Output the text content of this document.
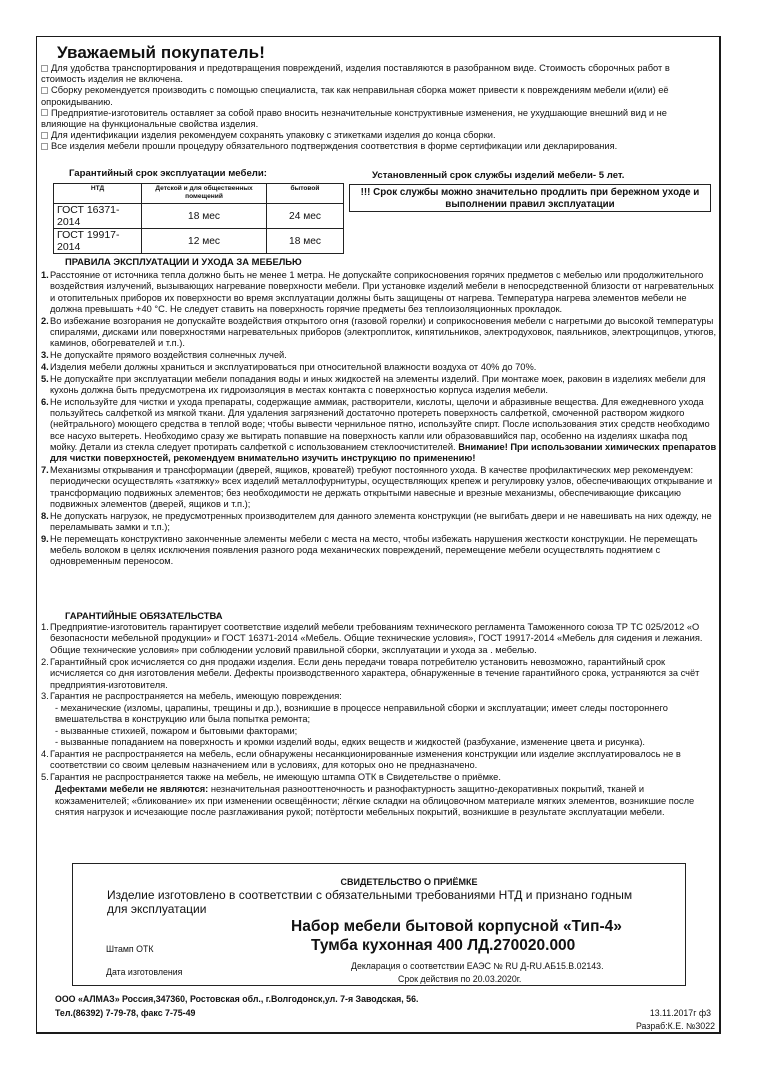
Уважаемый покупатель!

Для удобства транспортирования и предотвращения повреждений, изделия поставляются в разобранном виде. Стоимость сборочных работ в стоимость изделия не включена.

Сборку рекомендуется производить с помощью специалиста, так как неправильная сборка может привести к повреждениям мебели и(или) её опрокидыванию.

Предприятие-изготовитель оставляет за собой право вносить незначительные конструктивные изменения, не ухудшающие внешний вид и не влияющие на функциональные свойства изделия.

Для идентификации изделия рекомендуем сохранять упаковку с этикетками изделия до конца сборки.

Все изделия мебели прошли процедуру обязательного подтверждения соответствия в форме сертификации или декларирования.

Гарантийный срок эксплуатации мебели:
НТД	Детской и для общественных помещений	бытовой
ГОСТ 16371-2014	18 мес	24 мес
ГОСТ 19917-2014	12 мес	18 мес
Установленный срок службы изделий мебели- 5 лет.
!!! Срок службы можно значительно продлить при бережном уходе и выполнении правил эксплуатации
ПРАВИЛА ЭКСПЛУАТАЦИИ И УХОДА ЗА МЕБЕЛЬЮ
1. Расстояние от источника тепла должно быть не менее 1 метра. Не допускайте соприкосновения горячих предметов с мебелью или продолжительного воздействия излучений, вызывающих нагревание поверхности мебели. При установке изделий мебели в непосредственной близости от нагревательных и отопительных приборов их поверхности во время эксплуатации должны быть защищены от нагрева. Температура нагрева элементов мебели не должна превышать +40 °С. Не следует ставить на поверхность горячие предметы без теплоизоляционных прокладок.
2. Во избежание возгорания не допускайте воздействия открытого огня (газовой горелки) и соприкосновения мебели с нагретыми до высокой температуры спиралями, дисками или поверхностями нагревательных приборов (электроплиток, кипятильников, электродуховок, паяльников, электрощипцов, утюгов, каминов, обогревателей и т.п.).
3. Не допускайте прямого воздействия солнечных лучей.
4. Изделия мебели должны храниться и эксплуатироваться при относительной влажности воздуха от 40% до 70%.
5. Не допускайте при эксплуатации мебели попадания воды и иных жидкостей на элементы изделий. При монтаже моек, раковин в изделиях мебели для кухонь должна быть предусмотрена их гидроизоляция в местах контакта с поверхностью корпуса изделия мебели.
6. Не используйте для чистки и ухода препараты, содержащие аммиак, растворители, кислоты, щелочи и абразивные вещества. Для ежедневного ухода пользуйтесь салфеткой из мягкой ткани. Для удаления загрязнений достаточно протереть поверхность салфеткой, смоченной раствором жидкого (нейтрального) моющего средства в теплой воде; чтобы вывести чернильное пятно, используйте спирт. После использования этих средств необходимо все насухо вытереть. Необходимо сразу же вытирать попавшие на поверхность капли или образовавшийся пар, особенно на изделиях шкафа под мойку. Детали из стекла следует протирать салфеткой с использованием стеклоочистителей. Внимание! При использовании химических препаратов для чистки поверхностей, рекомендуем внимательно изучить инструкцию по применению!
7. Механизмы открывания и трансформации (дверей, ящиков, кроватей) требуют постоянного ухода. В качестве профилактических мер рекомендуем: периодически осуществлять «затяжку» всех изделий металлофурнитуры, осуществляющих крепеж и регулировку узлов, обеспечивающих открывание и трансформацию подвижных элементов; без необходимости не держать открытыми навесные и врезные механизмы, обеспечивающие фиксацию подвижных элементов (дверей, ящиков и т.п.);
8. Не допускать нагрузок, не предусмотренных производителем для данного элемента конструкции (не выгибать двери и не навешивать на них одежду, не переламывать замки и т.п.);
9. Не перемещать конструктивно законченные элементы мебели с места на место, чтобы избежать нарушения жесткости конструкции. Не перемещать мебель волоком в целях исключения появления разного рода механических повреждений, перемещение мебели осуществлять поднятием с одновременным переносом.
ГАРАНТИЙНЫЕ ОБЯЗАТЕЛЬСТВА
1. Предприятие-изготовитель гарантирует соответствие изделий мебели требованиям технического регламента Таможенного союза ТР ТС 025/2012 «О безопасности мебельной продукции» и ГОСТ 16371-2014 «Мебель. Общие технические условия», ГОСТ 19917-2014 «Мебель для сидения и лежания. Общие технические условия» при соблюдении условий правильной сборки, эксплуатации и ухода за . мебелью.
2. Гарантийный срок исчисляется со дня продажи изделия. Если день передачи товара потребителю установить невозможно, гарантийный срок исчисляется со дня изготовления мебели. Дефекты производственного характера, обнаруженные в течение гарантийного срока, устраняются за счёт предприятия-изготовителя.
3. Гарантия не распространяется на мебель, имеющую повреждения:
- механические (изломы, царапины, трещины и др.), возникшие в процессе неправильной сборки и эксплуатации; имеет следы постороннего вмешательства в конструкцию или была попытка ремонта;
- вызванные стихией, пожаром и бытовыми факторами;
- вызванные попаданием на поверхность и кромки изделий воды, едких веществ и жидкостей (разбухание, изменение цвета и рисунка).
4. Гарантия не распространяется на мебель, если обнаружены несанкционированные изменения конструкции или изделие эксплуатировалось не в соответствии со своим целевым назначением или в условиях, для которых оно не предназначено.
5. Гарантия не распространяется также на мебель, не имеющую штампа ОТК в Свидетельстве о приёмке.
Дефектами мебели не являются: незначительная разнооттеночность и разнофактурность защитно-декоративных покрытий, тканей и кожзаменителей; «бликование» их при изменении освещённости; лёгкие складки на облицовочном материале мягких элементов, возникшие после снятия нагрузок и исчезающие после разглаживания рукой; потёртости мебельных покрытий, возникшие в результате эксплуатации мебели.
СВИДЕТЕЛЬСТВО О ПРИЁМКЕ
Изделие изготовлено в соответствии с обязательными требованиями НТД и признано годным для эксплуатации
Набор мебели бытовой корпусной «Тип-4»
Тумба кухонная 400 ЛД.270020.000
Штамп ОТК
Дата изготовления
Декларация о соответствии ЕАЭС № RU Д-RU.АБ15.В.02143.
Срок действия по 20.03.2020г.
ООО «АЛМАЗ» Россия,347360, Ростовская обл., г.Волгодонск,ул. 7-я Заводская, 56.
Тел.(86392) 7-79-78, факс 7-75-49	13.11.2017г ф3
Разраб:К.Е. №3022
